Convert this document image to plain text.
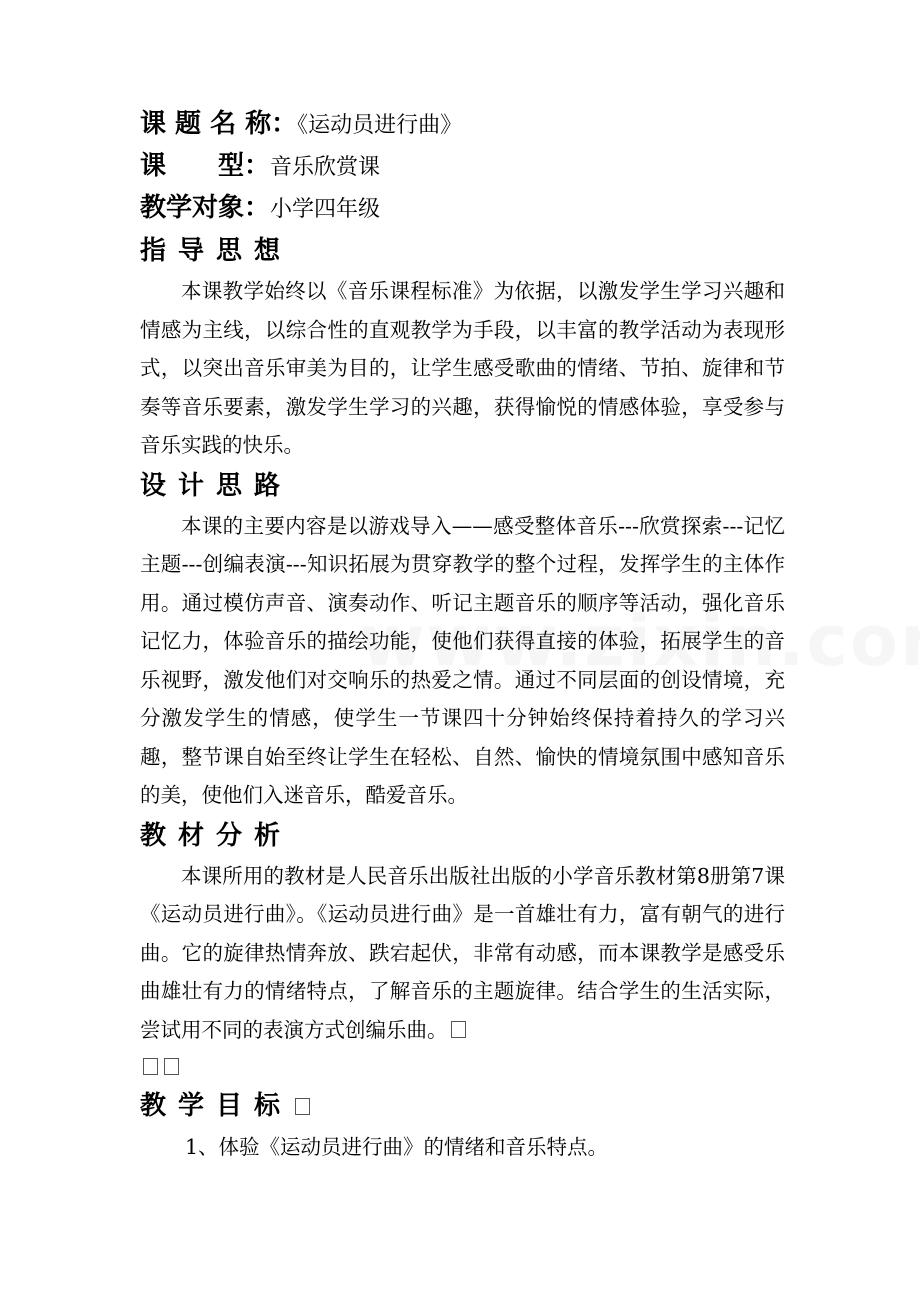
课 题 名 称：《运动员进行曲》
课　　型：音乐欣赏课
教学对象：小学四年级
指导思想

本课教学始终以《音乐课程标准》为依据，以激发学生学习兴趣和情感为主线，以综合性的直观教学为手段，以丰富的教学活动为表现形式，以突出音乐审美为目的，让学生感受歌曲的情绪、节拍、旋律和节奏等音乐要素，激发学生学习的兴趣，获得愉悦的情感体验，享受参与音乐实践的快乐。

设计思路

本课的主要内容是以游戏导入——感受整体音乐---欣赏探索---记忆主题---创编表演---知识拓展为贯穿教学的整个过程，发挥学生的主体作用。通过模仿声音、演奏动作、听记主题音乐的顺序等活动，强化音乐记忆力，体验音乐的描绘功能，使他们获得直接的体验，拓展学生的音乐视野，激发他们对交响乐的热爱之情。通过不同层面的创设情境，充分激发学生的情感，使学生一节课四十分钟始终保持着持久的学习兴趣，整节课自始至终让学生在轻松、自然、愉快的情境氛围中感知音乐的美，使他们入迷音乐，酷爱音乐。

教材分析

本课所用的教材是人民音乐出版社出版的小学音乐教材第8册第7课《运动员进行曲》。《运动员进行曲》是一首雄壮有力，富有朝气的进行曲。它的旋律热情奔放、跌宕起伏，非常有动感，而本课教学是感受乐曲雄壮有力的情绪特点，了解音乐的主题旋律。结合学生的生活实际，尝试用不同的表演方式创编乐曲。

教学目标

1、体验《运动员进行曲》的情绪和音乐特点。
